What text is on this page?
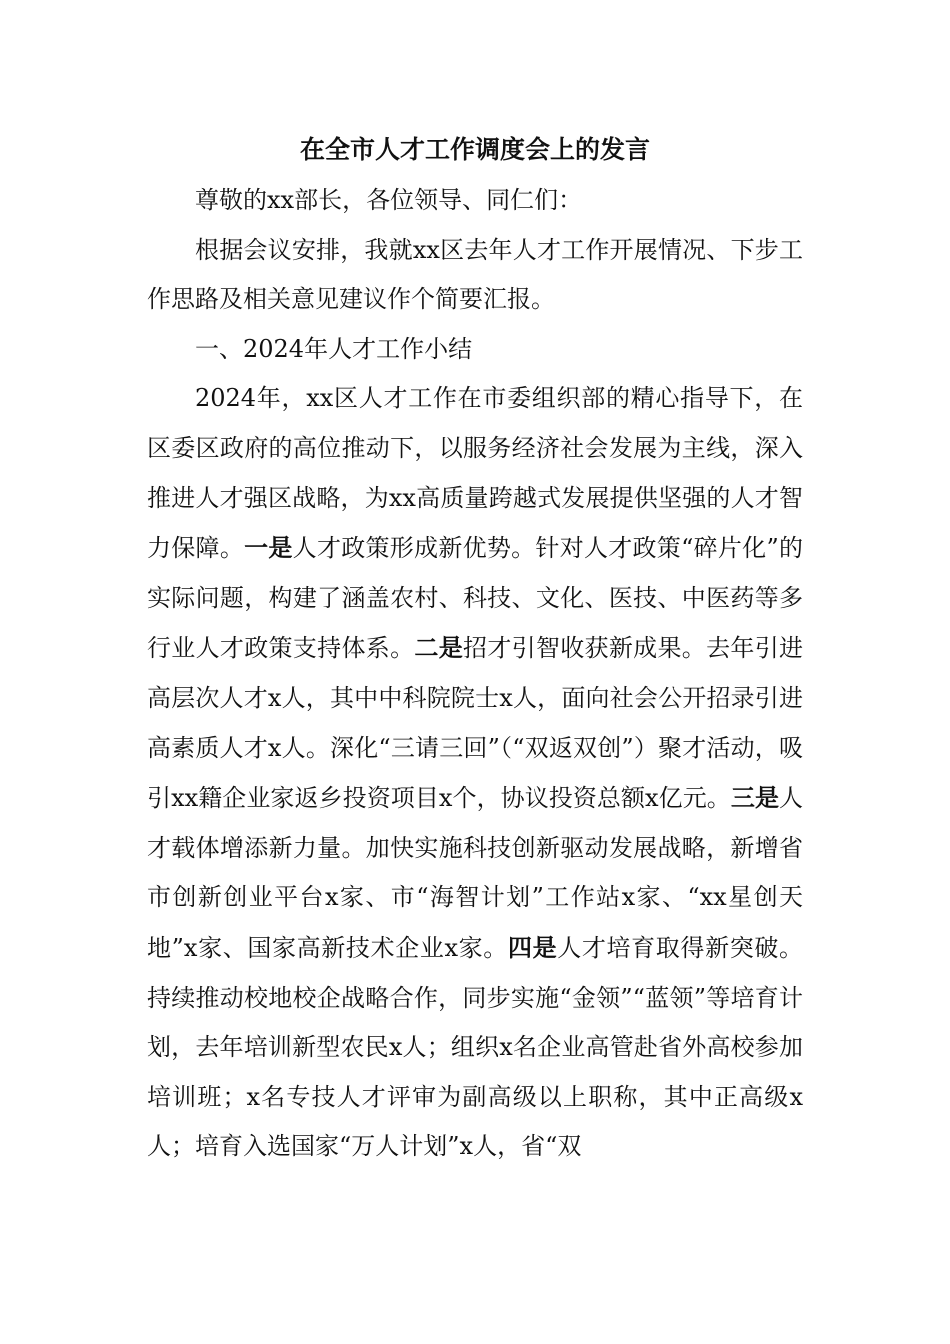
在全市人才工作调度会上的发言

尊敬的xx部长，各位领导、同仁们：

根据会议安排，我就xx区去年人才工作开展情况、下步工作思路及相关意见建议作个简要汇报。

一、2024年人才工作小结

2024年，xx区人才工作在市委组织部的精心指导下，在区委区政府的高位推动下，以服务经济社会发展为主线，深入推进人才强区战略，为xx高质量跨越式发展提供坚强的人才智力保障。一是人才政策形成新优势。针对人才政策“碎片化”的实际问题，构建了涵盖农村、科技、文化、医技、中医药等多行业人才政策支持体系。二是招才引智收获新成果。去年引进高层次人才x人，其中中科院院士x人，面向社会公开招录引进高素质人才x人。深化“三请三回”（“双返双创”）聚才活动，吸引xx籍企业家返乡投资项目x个，协议投资总额x亿元。三是人才载体增添新力量。加快实施科技创新驱动发展战略，新增省市创新创业平台x家、市“海智计划”工作站x家、“xx星创天地”x家、国家高新技术企业x家。四是人才培育取得新突破。持续推动校地校企战略合作，同步实施“金领”“蓝领”等培育计划，去年培训新型农民x人；组织x名企业高管赴省外高校参加培训班；x名专技人才评审为副高级以上职称，其中正高级x人；培育入选国家“万人计划”x人，省“双
